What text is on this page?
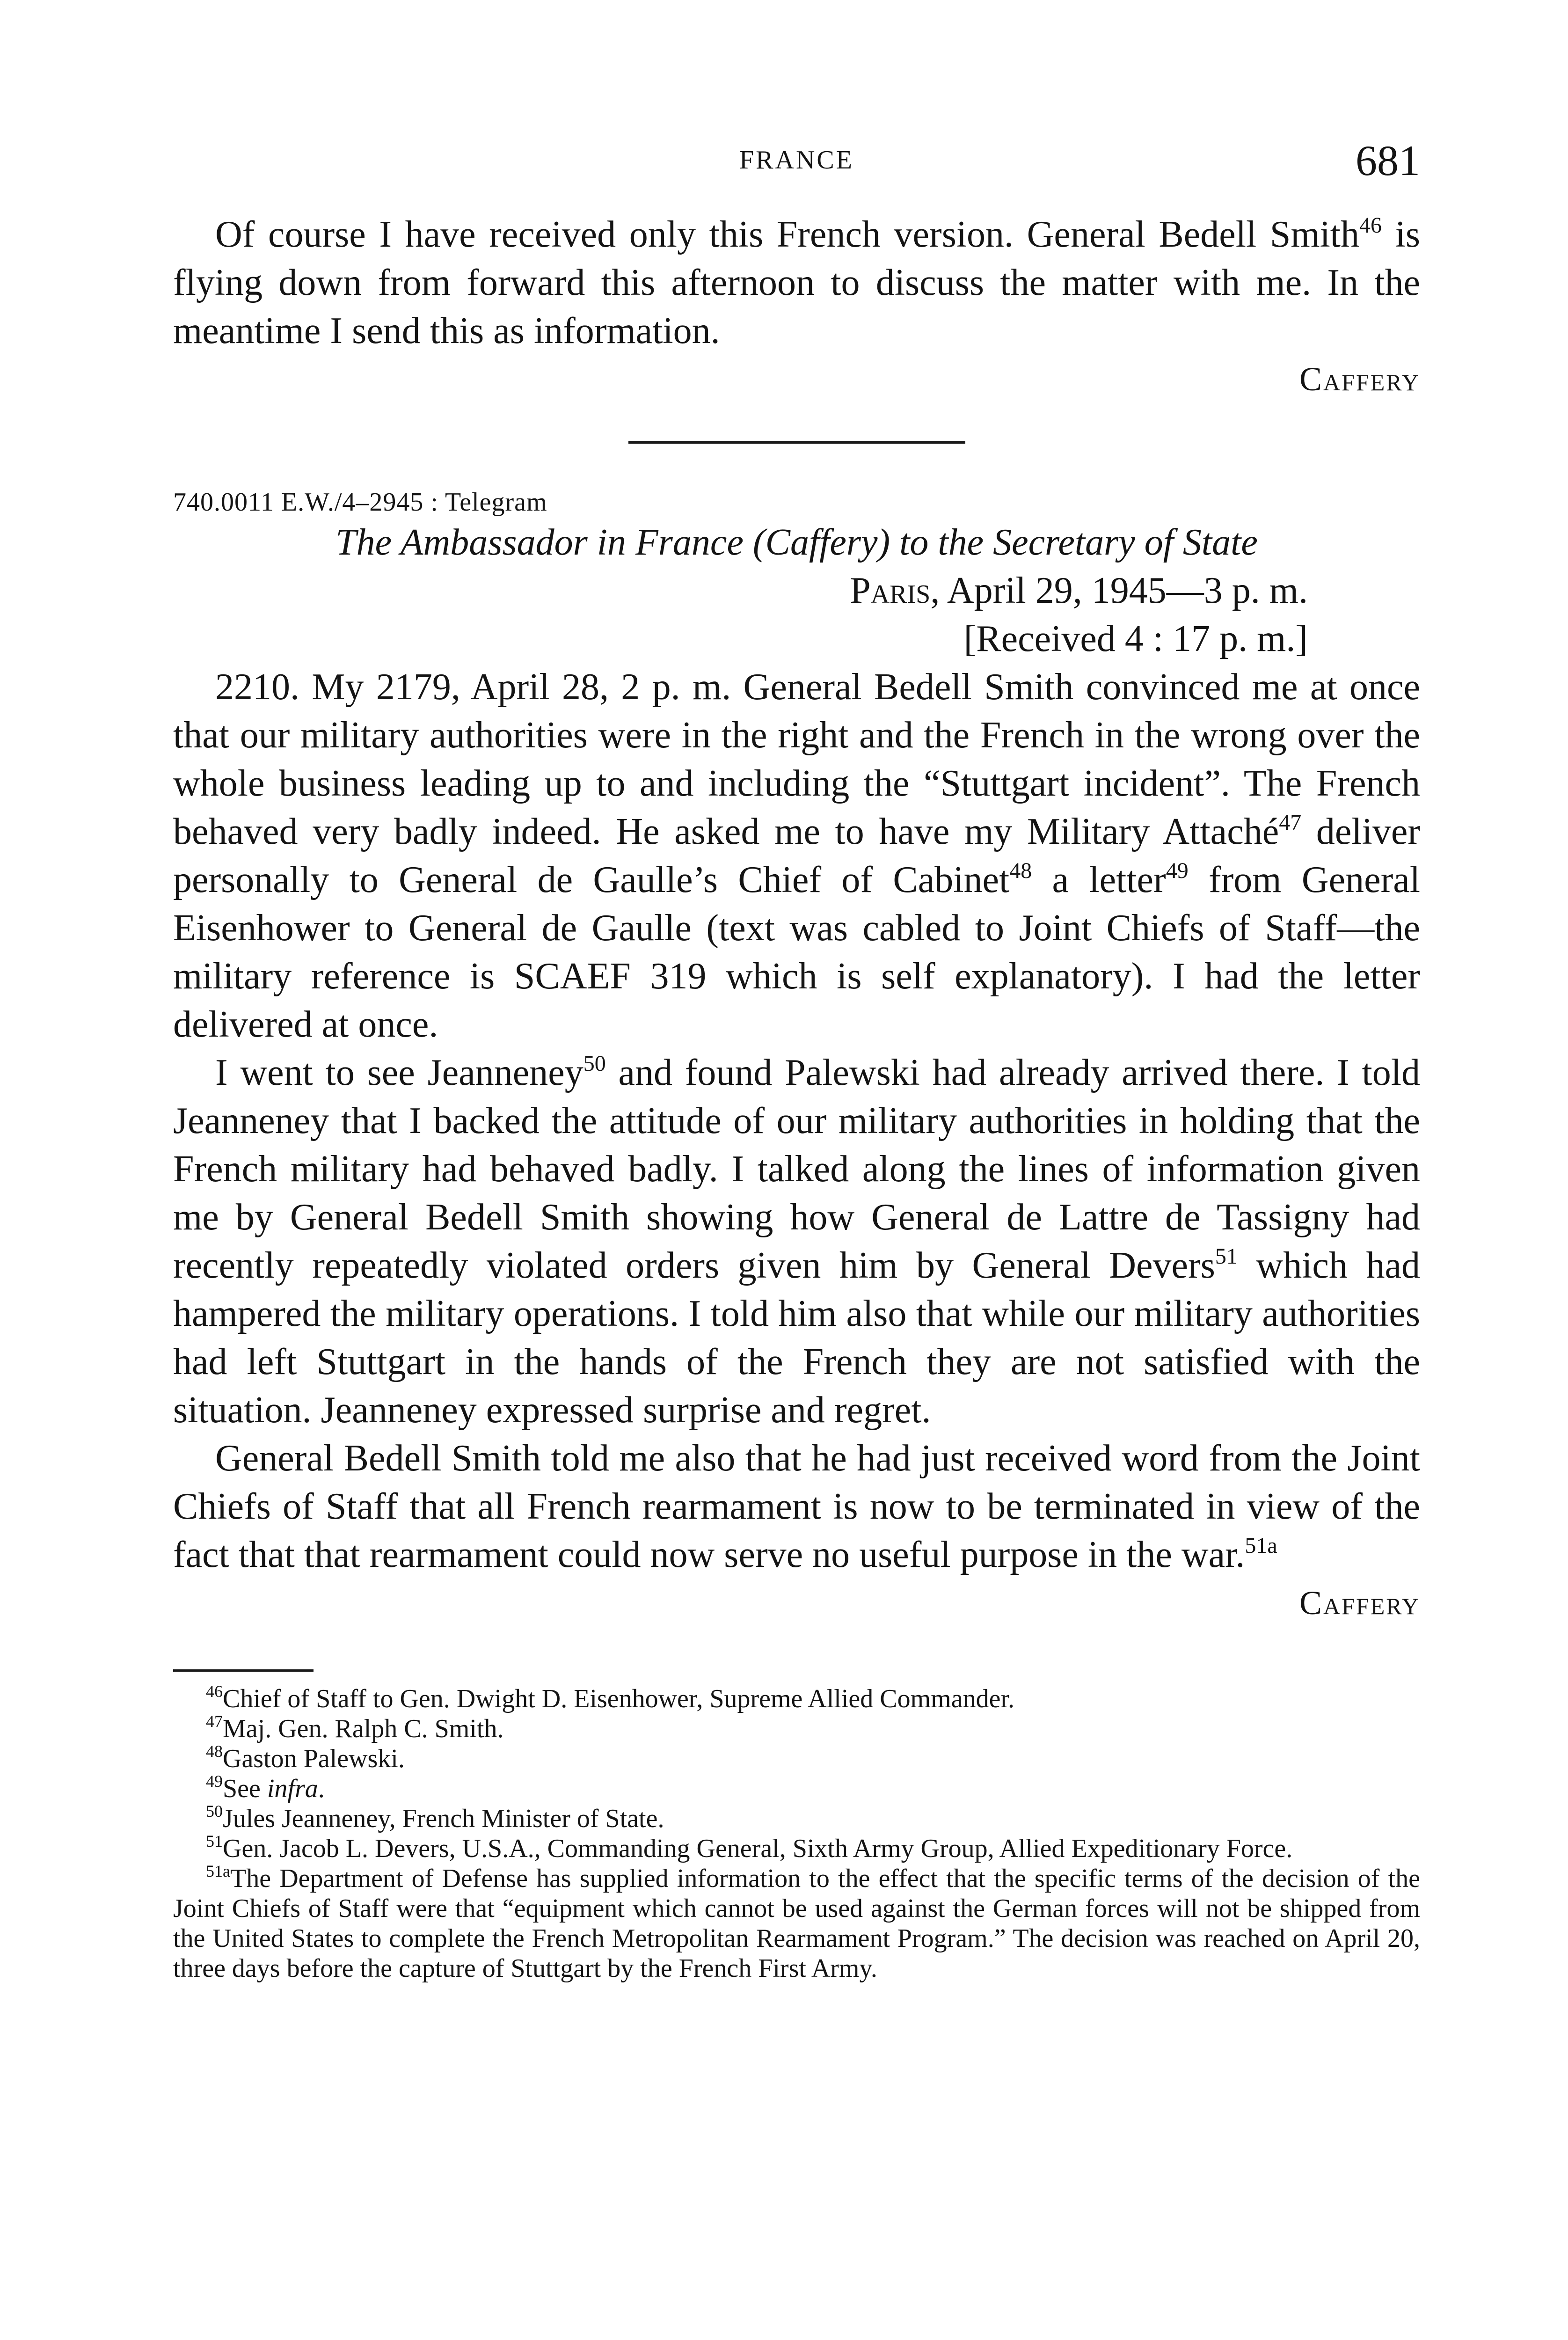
FRANCE	681

Of course I have received only this French version. General Bedell Smith$^{46}$ is flying down from forward this afternoon to discuss the matter with me. In the meantime I send this as information.

Caffery

740.0011 E.W./4–2945 : Telegram

The Ambassador in France (Caffery) to the Secretary of State

Paris, April 29, 1945—3 p. m.

[Received 4 : 17 p. m.]

2210. My 2179, April 28, 2 p. m. General Bedell Smith convinced me at once that our military authorities were in the right and the French in the wrong over the whole business leading up to and including the “Stuttgart incident”. The French behaved very badly indeed. He asked me to have my Military Attaché$^{47}$ deliver personally to General de Gaulle’s Chief of Cabinet$^{48}$ a letter$^{49}$ from General Eisenhower to General de Gaulle (text was cabled to Joint Chiefs of Staff—the military reference is SCAEF 319 which is self explanatory). I had the letter delivered at once.

I went to see Jeanneney$^{50}$ and found Palewski had already arrived there. I told Jeanneney that I backed the attitude of our military authorities in holding that the French military had behaved badly. I talked along the lines of information given me by General Bedell Smith showing how General de Lattre de Tassigny had recently repeatedly violated orders given him by General Devers$^{51}$ which had hampered the military operations. I told him also that while our military authorities had left Stuttgart in the hands of the French they are not satisfied with the situation. Jeanneney expressed surprise and regret.

General Bedell Smith told me also that he had just received word from the Joint Chiefs of Staff that all French rearmament is now to be terminated in view of the fact that that rearmament could now serve no useful purpose in the war.$^{51a}$

Caffery

$^{46}$Chief of Staff to Gen. Dwight D. Eisenhower, Supreme Allied Commander.

$^{47}$Maj. Gen. Ralph C. Smith.

$^{48}$Gaston Palewski.

$^{49}$See infra.

$^{50}$Jules Jeanneney, French Minister of State.

$^{51}$Gen. Jacob L. Devers, U.S.A., Commanding General, Sixth Army Group, Allied Expeditionary Force.

$^{51a}$The Department of Defense has supplied information to the effect that the specific terms of the decision of the Joint Chiefs of Staff were that “equipment which cannot be used against the German forces will not be shipped from the United States to complete the French Metropolitan Rearmament Program.” The decision was reached on April 20, three days before the capture of Stuttgart by the French First Army.
